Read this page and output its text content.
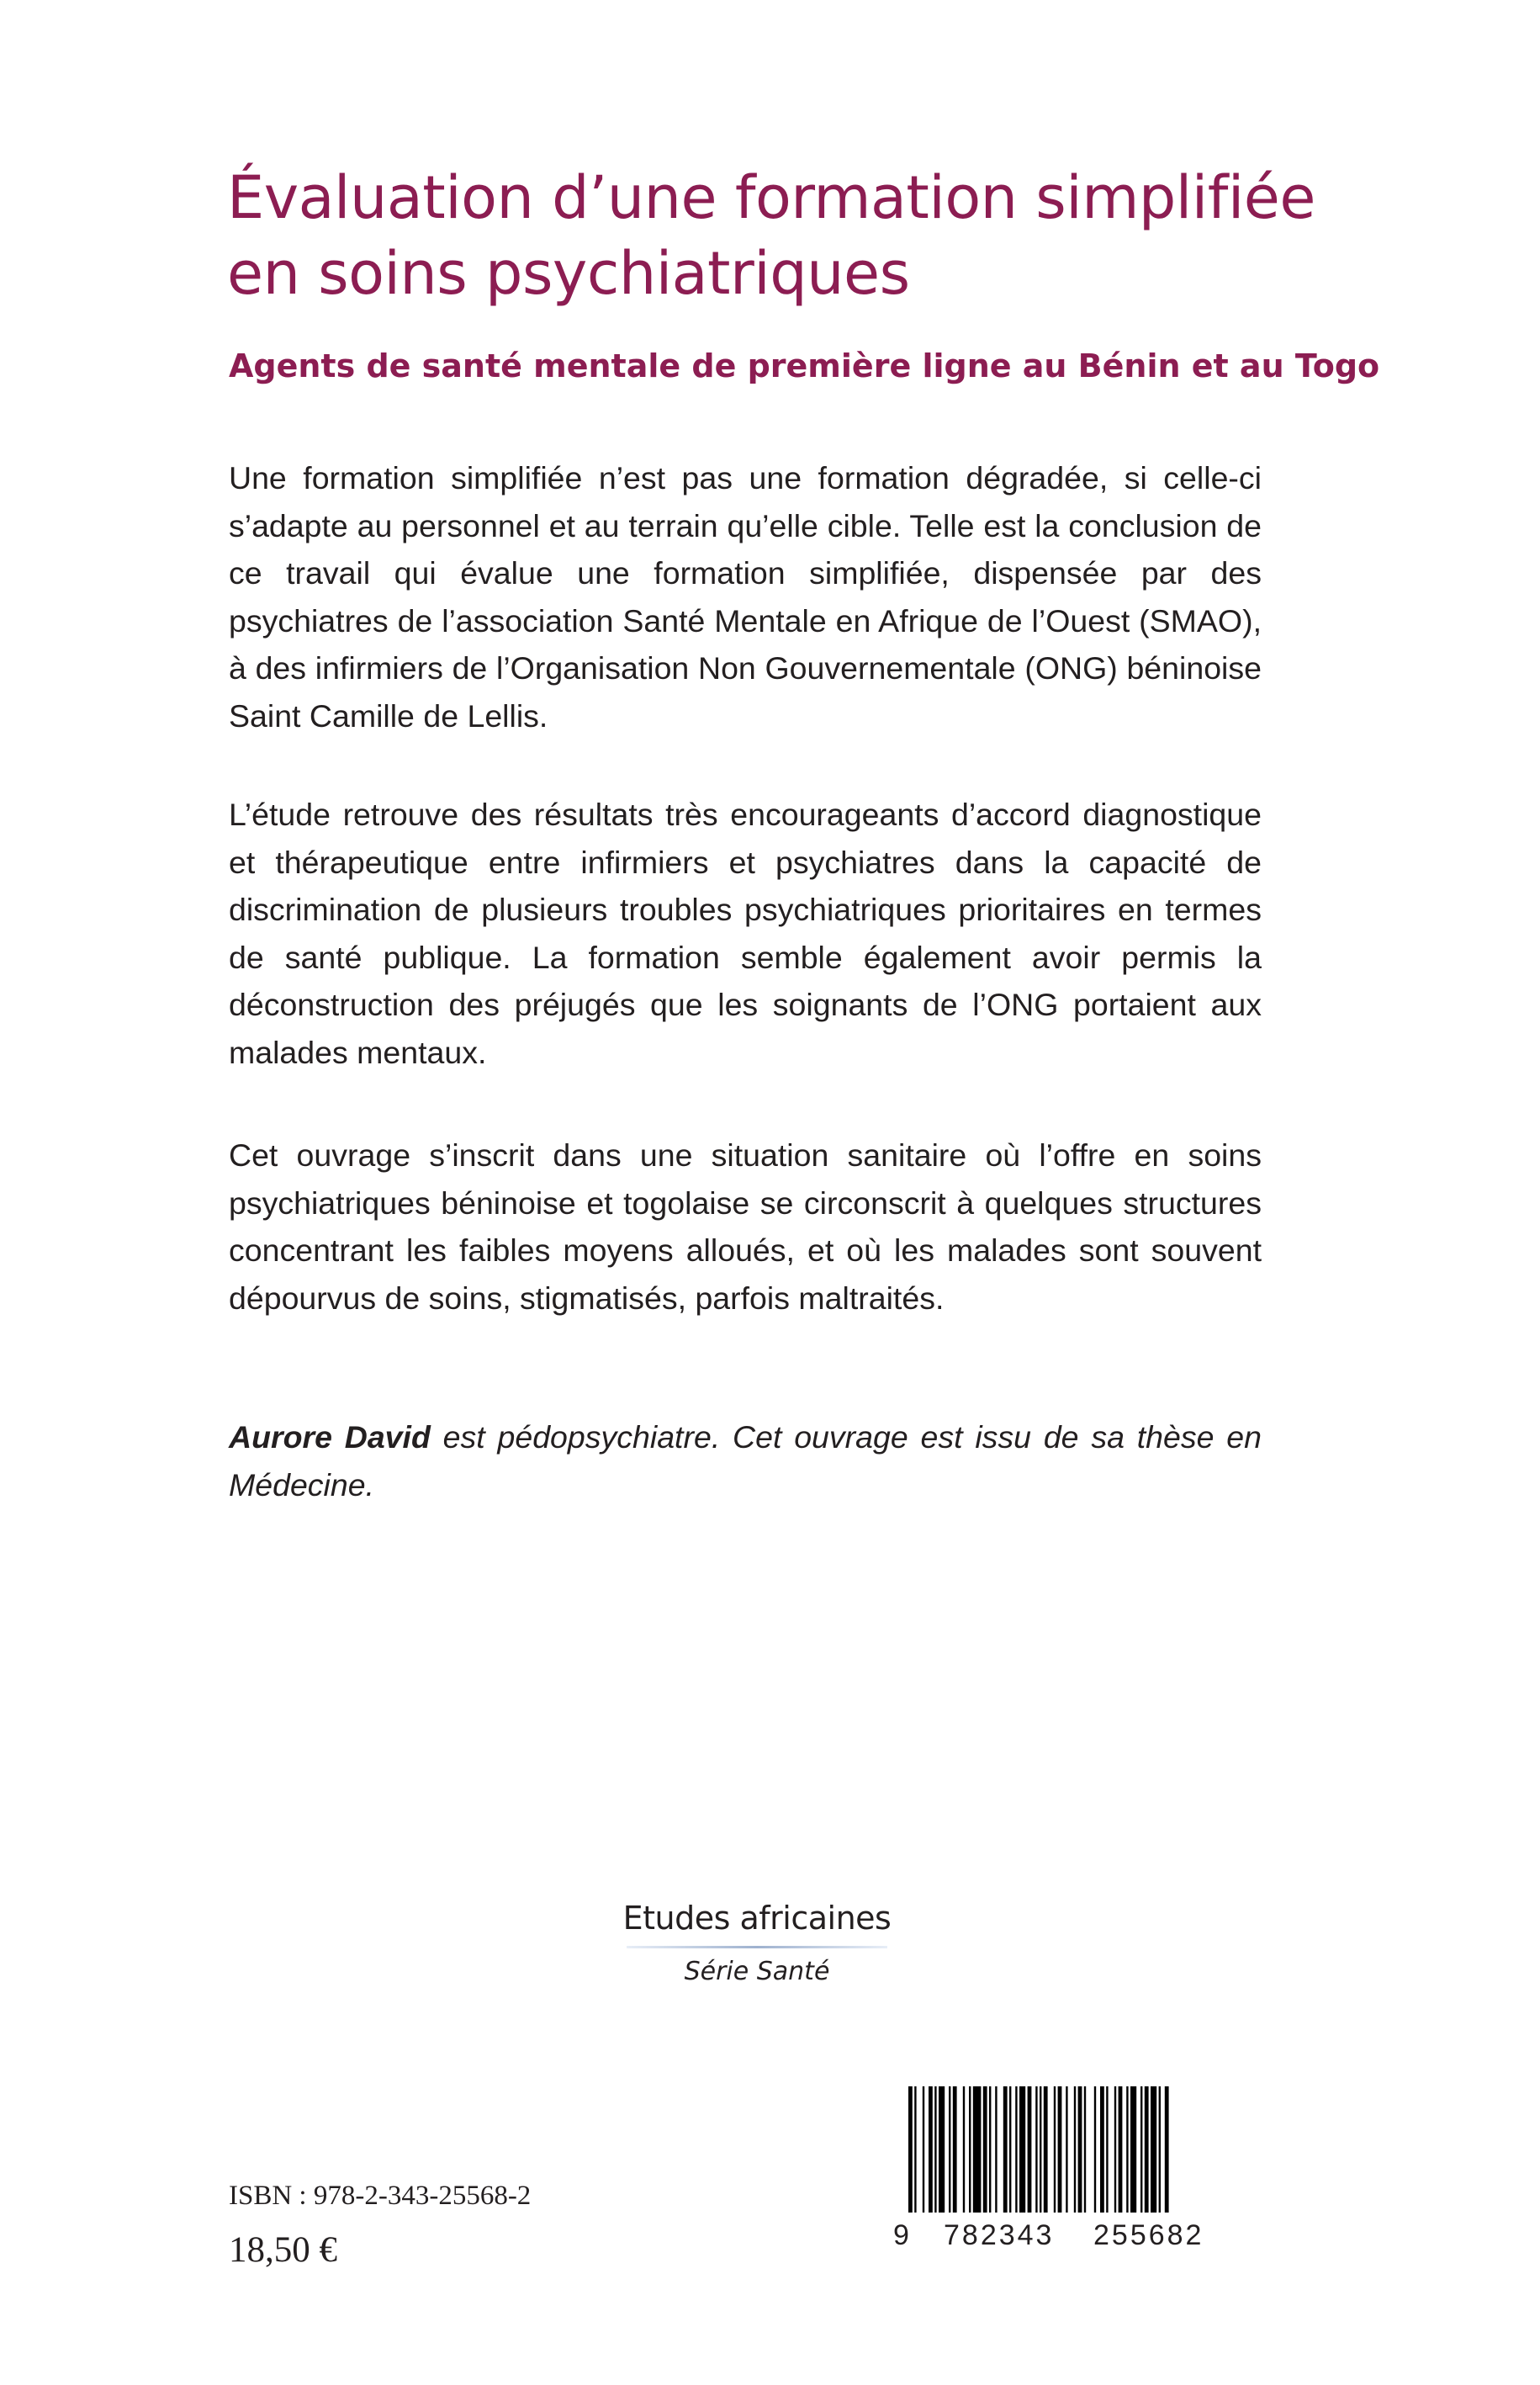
Évaluation d’une formation simplifiée
en soins psychiatriques
Agents de santé mentale de première ligne au Bénin et au Togo

Une formation simplifiée n’est pas une formation dégradée, si celle-ci s’adapte au personnel et au terrain qu’elle cible. Telle est la conclusion de ce travail qui évalue une formation simplifiée, dispensée par des psychiatres de l’association Santé Mentale en Afrique de l’Ouest (SMAO), à des infirmiers de l’Organisation Non Gouvernementale (ONG) béninoise Saint Camille de Lellis.

L’étude retrouve des résultats très encourageants d’accord diagnostique et thérapeutique entre infirmiers et psychiatres dans la capacité de discrimination de plusieurs troubles psychiatriques prioritaires en termes de santé publique. La formation semble également avoir permis la déconstruction des préjugés que les soignants de l’ONG portaient aux malades mentaux.

Cet ouvrage s’inscrit dans une situation sanitaire où l’offre en soins psychiatriques béninoise et togolaise se circonscrit à quelques structures concentrant les faibles moyens alloués, et où les malades sont souvent dépourvus de soins, stigmatisés, parfois maltraités.

Aurore David est pédopsychiatre. Cet ouvrage est issu de sa thèse en Médecine.

Etudes africaines
Série Santé
ISBN : 978-2-343-25568-2
18,50 €	9 782343 255682
